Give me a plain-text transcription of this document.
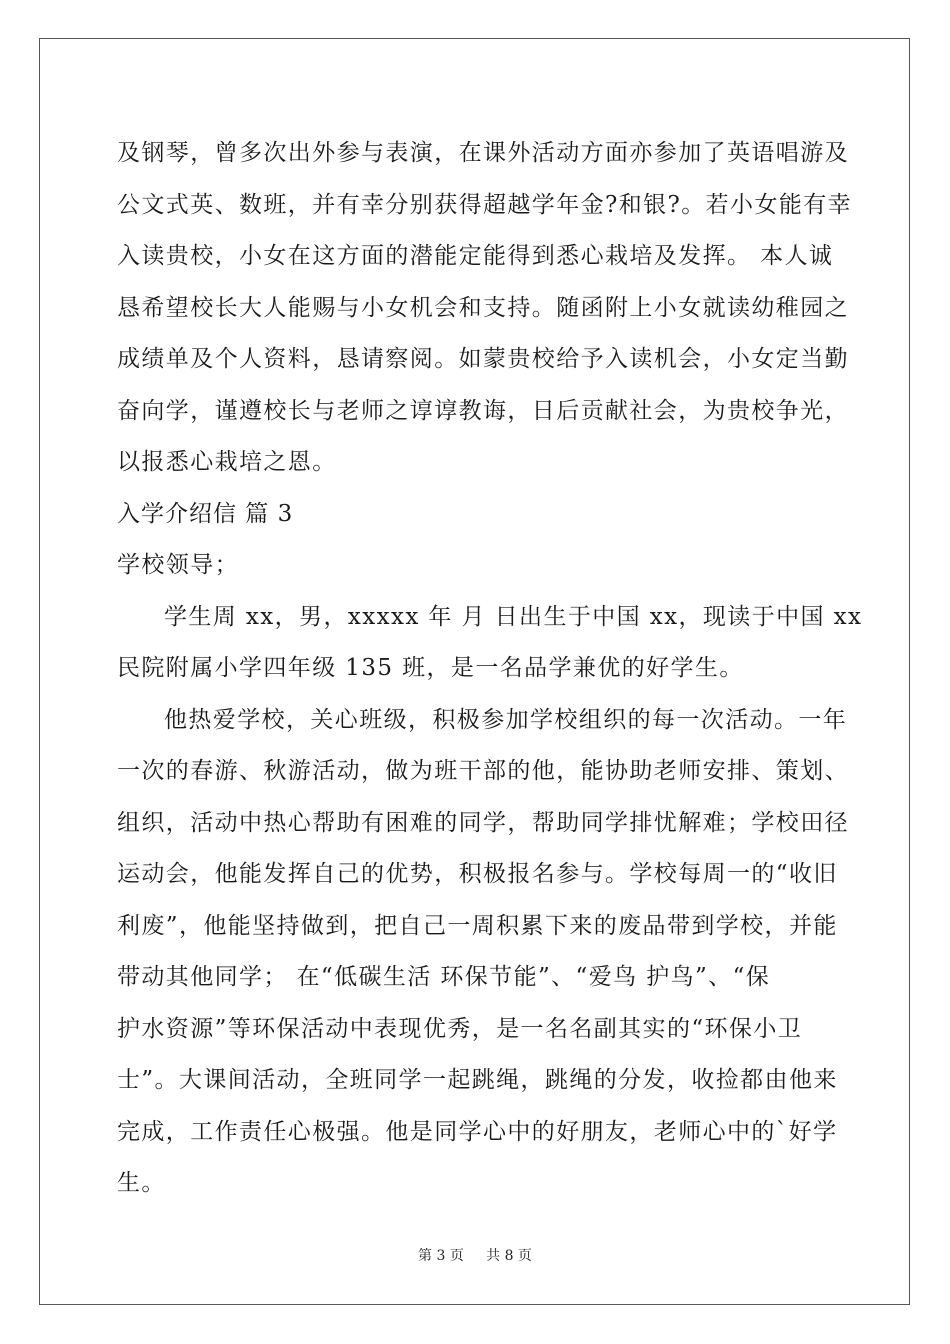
及钢琴，曾多次出外参与表演，在课外活动方面亦参加了英语唱游及
公文式英、数班，并有幸分别获得超越学年金?和银?。若小女能有幸
入读贵校，小女在这方面的潜能定能得到悉心栽培及发挥。 本人诚
恳希望校长大人能赐与小女机会和支持。随函附上小女就读幼稚园之
成绩单及个人资料，恳请察阅。如蒙贵校给予入读机会，小女定当勤
奋向学，谨遵校长与老师之谆谆教诲，日后贡献社会，为贵校争光，
以报悉心栽培之恩。
入学介绍信 篇 3
学校领导；
学生周 xx，男，xxxxx 年 月 日出生于中国 xx，现读于中国 xx
民院附属小学四年级 135 班，是一名品学兼优的好学生。
他热爱学校，关心班级，积极参加学校组织的每一次活动。一年
一次的春游、秋游活动，做为班干部的他，能协助老师安排、策划、
组织，活动中热心帮助有困难的同学，帮助同学排忧解难；学校田径
运动会，他能发挥自己的优势，积极报名参与。学校每周一的“收旧
利废”，他能坚持做到，把自己一周积累下来的废品带到学校，并能
带动其他同学； 在“低碳生活 环保节能”、“爱鸟 护鸟”、“保
护水资源”等环保活动中表现优秀，是一名名副其实的“环保小卫
士”。大课间活动，全班同学一起跳绳，跳绳的分发，收捡都由他来
完成，工作责任心极强。他是同学心中的好朋友，老师心中的`好学
生。
第 3 页 共 8 页
